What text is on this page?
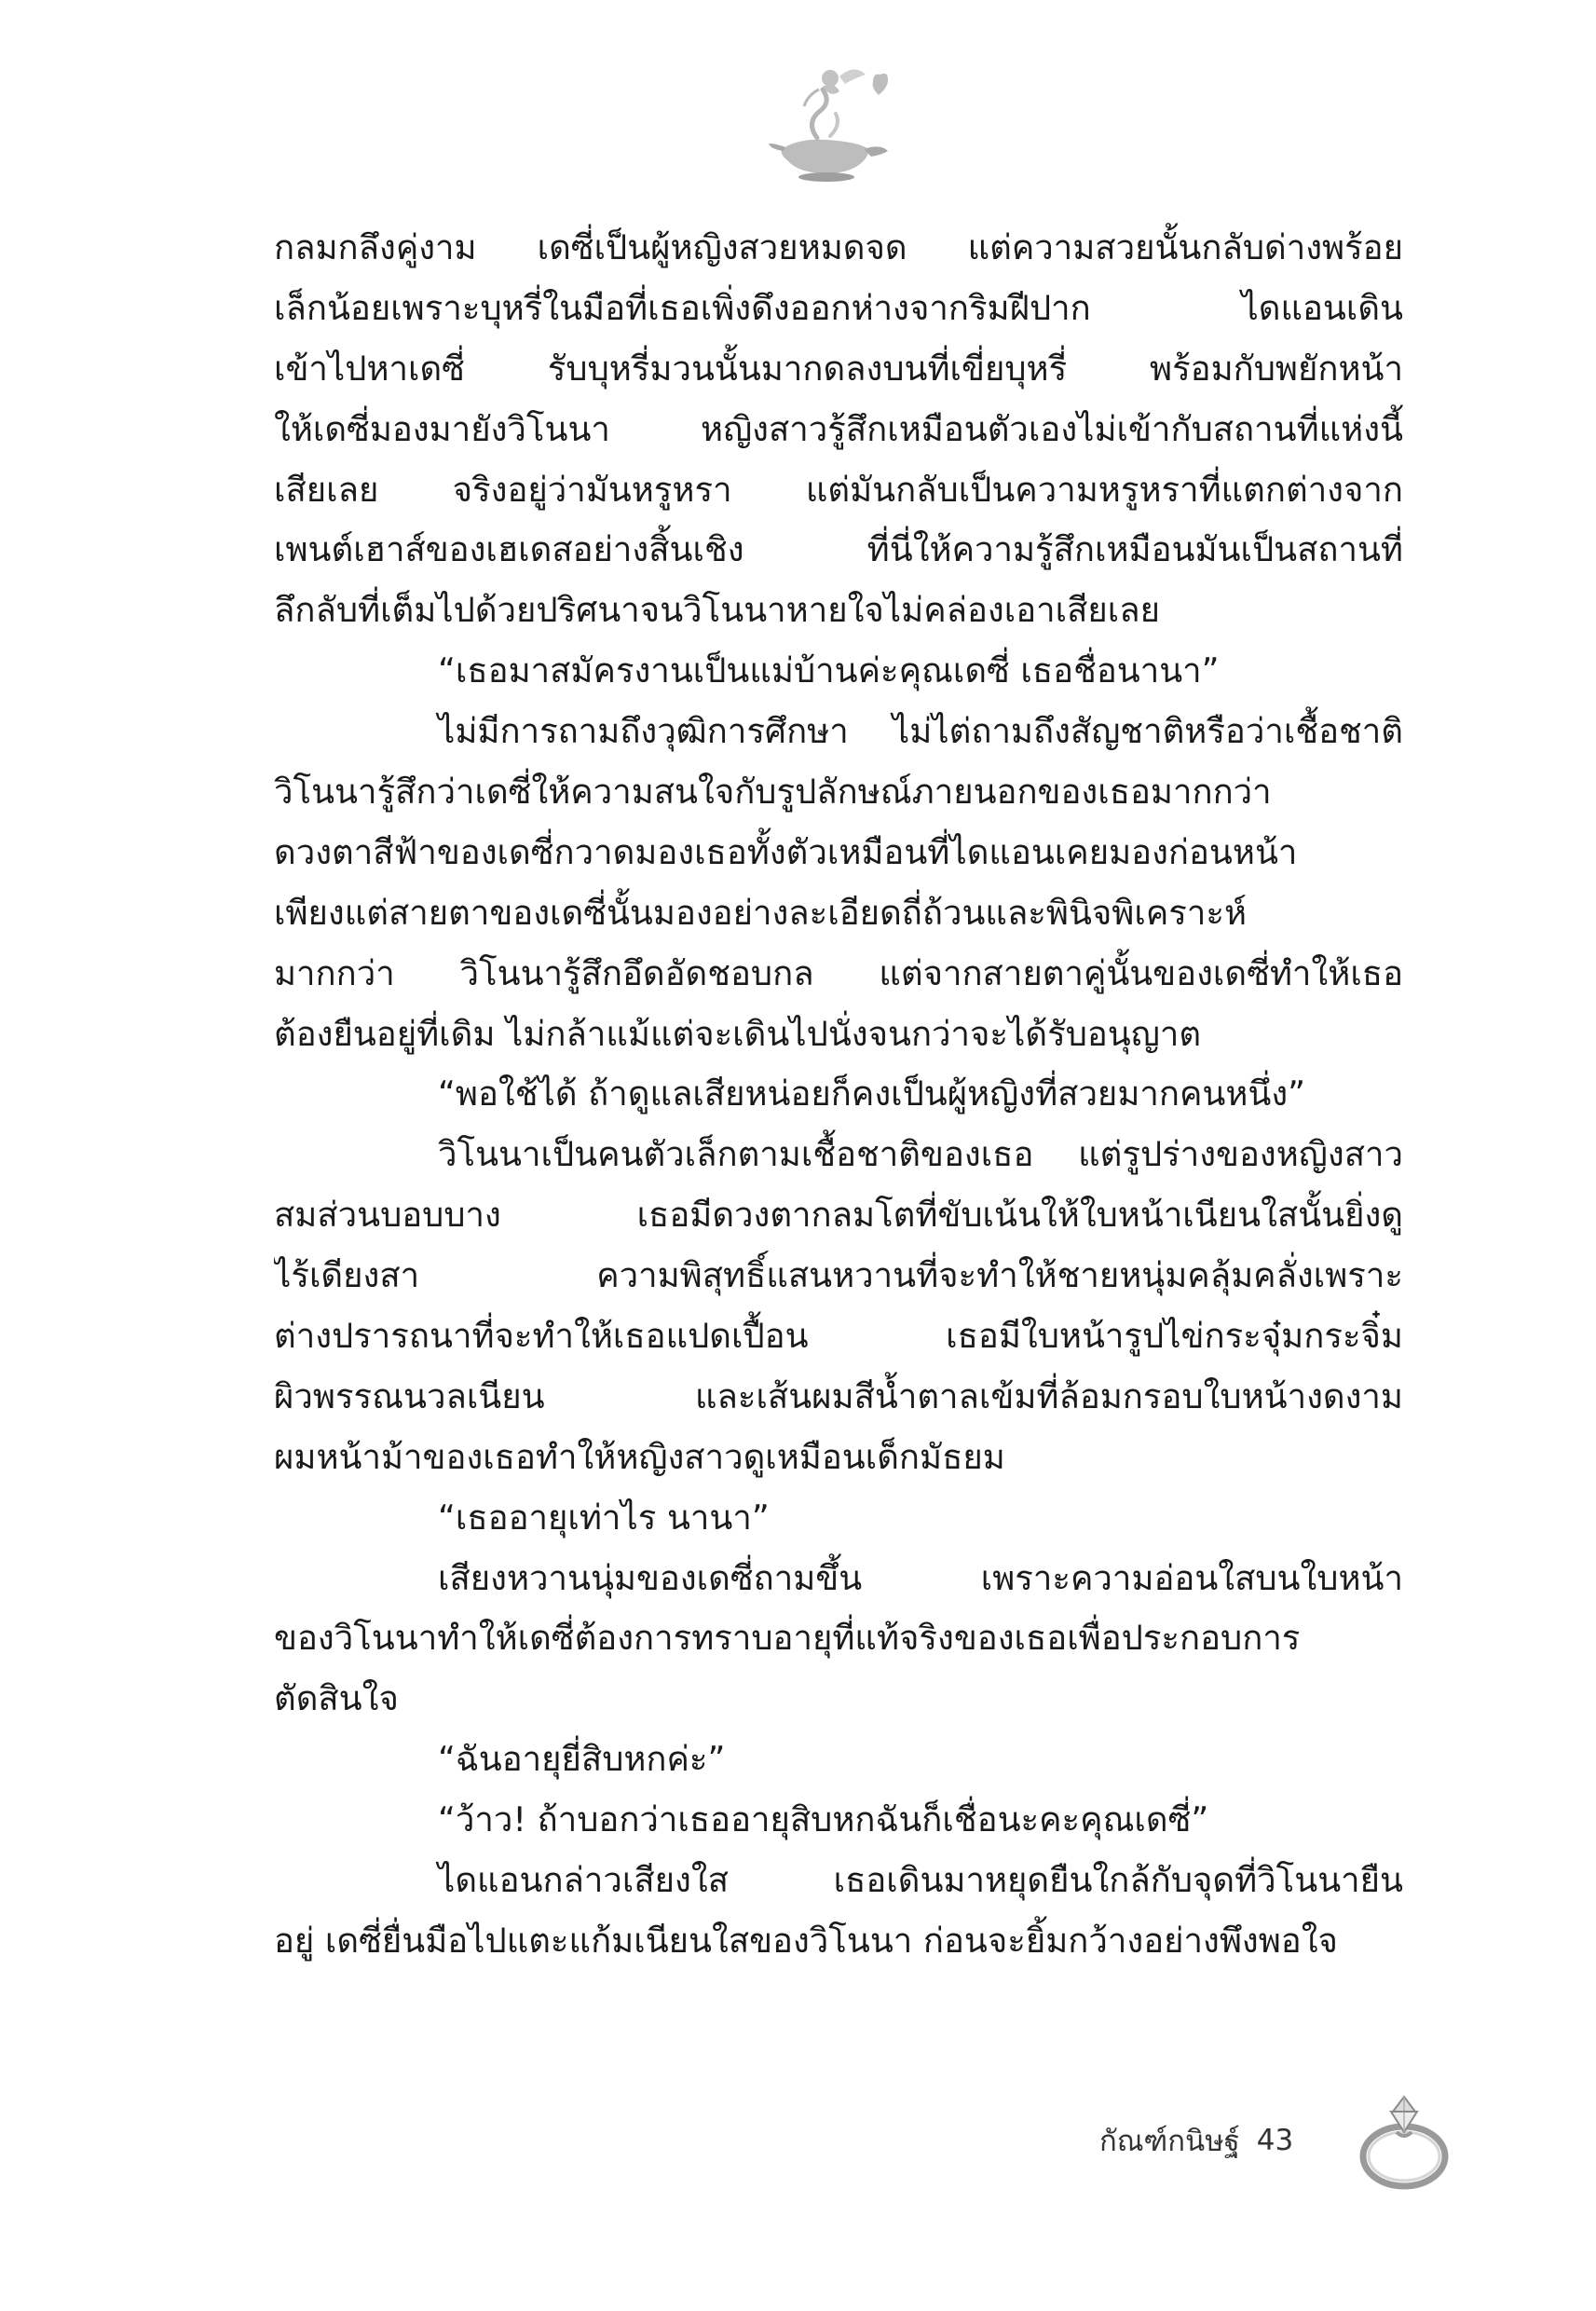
กลมกลึงคู่งาม เดซี่เป็นผู้หญิงสวยหมดจด แต่ความสวยนั้นกลับด่างพร้อย
เล็กน้อยเพราะบุหรี่ในมือที่เธอเพิ่งดึงออกห่างจากริมฝีปาก ไดแอนเดิน
เข้าไปหาเดซี่ รับบุหรี่มวนนั้นมากดลงบนที่เขี่ยบุหรี่ พร้อมกับพยักหน้า
ให้เดซี่มองมายังวิโนนา หญิงสาวรู้สึกเหมือนตัวเองไม่เข้ากับสถานที่แห่งนี้
เสียเลย จริงอยู่ว่ามันหรูหรา แต่มันกลับเป็นความหรูหราที่แตกต่างจาก
เพนต์เฮาส์ของเฮเดสอย่างสิ้นเชิง ที่นี่ให้ความรู้สึกเหมือนมันเป็นสถานที่
ลึกลับที่เต็มไปด้วยปริศนาจนวิโนนาหายใจไม่คล่องเอาเสียเลย
“เธอมาสมัครงานเป็นแม่บ้านค่ะคุณเดซี่ เธอชื่อนานา”
ไม่มีการถามถึงวุฒิการศึกษา ไม่ไต่ถามถึงสัญชาติหรือว่าเชื้อชาติ
วิโนนารู้สึกว่าเดซี่ให้ความสนใจกับรูปลักษณ์ภายนอกของเธอมากกว่า
ดวงตาสีฟ้าของเดซี่กวาดมองเธอทั้งตัวเหมือนที่ไดแอนเคยมองก่อนหน้า
เพียงแต่สายตาของเดซี่นั้นมองอย่างละเอียดถี่ถ้วนและพินิจพิเคราะห์
มากกว่า วิโนนารู้สึกอึดอัดชอบกล แต่จากสายตาคู่นั้นของเดซี่ทำให้เธอ
ต้องยืนอยู่ที่เดิม ไม่กล้าแม้แต่จะเดินไปนั่งจนกว่าจะได้รับอนุญาต
“พอใช้ได้ ถ้าดูแลเสียหน่อยก็คงเป็นผู้หญิงที่สวยมากคนหนึ่ง”
วิโนนาเป็นคนตัวเล็กตามเชื้อชาติของเธอ แต่รูปร่างของหญิงสาว
สมส่วนบอบบาง เธอมีดวงตากลมโตที่ขับเน้นให้ใบหน้าเนียนใสนั้นยิ่งดู
ไร้เดียงสา ความพิสุทธิ์แสนหวานที่จะทำให้ชายหนุ่มคลุ้มคลั่งเพราะ
ต่างปรารถนาที่จะทำให้เธอแปดเปื้อน เธอมีใบหน้ารูปไข่กระจุ๋มกระจิ๋ม
ผิวพรรณนวลเนียน และเส้นผมสีน้ำตาลเข้มที่ล้อมกรอบใบหน้างดงาม
ผมหน้าม้าของเธอทำให้หญิงสาวดูเหมือนเด็กมัธยม
“เธออายุเท่าไร นานา”
เสียงหวานนุ่มของเดซี่ถามขึ้น เพราะความอ่อนใสบนใบหน้า
ของวิโนนาทำให้เดซี่ต้องการทราบอายุที่แท้จริงของเธอเพื่อประกอบการ
ตัดสินใจ
“ฉันอายุยี่สิบหกค่ะ”
“ว้าว! ถ้าบอกว่าเธออายุสิบหกฉันก็เชื่อนะคะคุณเดซี่”
ไดแอนกล่าวเสียงใส เธอเดินมาหยุดยืนใกล้กับจุดที่วิโนนายืน
อยู่ เดซี่ยื่นมือไปแตะแก้มเนียนใสของวิโนนา ก่อนจะยิ้มกว้างอย่างพึงพอใจ
กัณฑ์กนิษฐ์ 43
